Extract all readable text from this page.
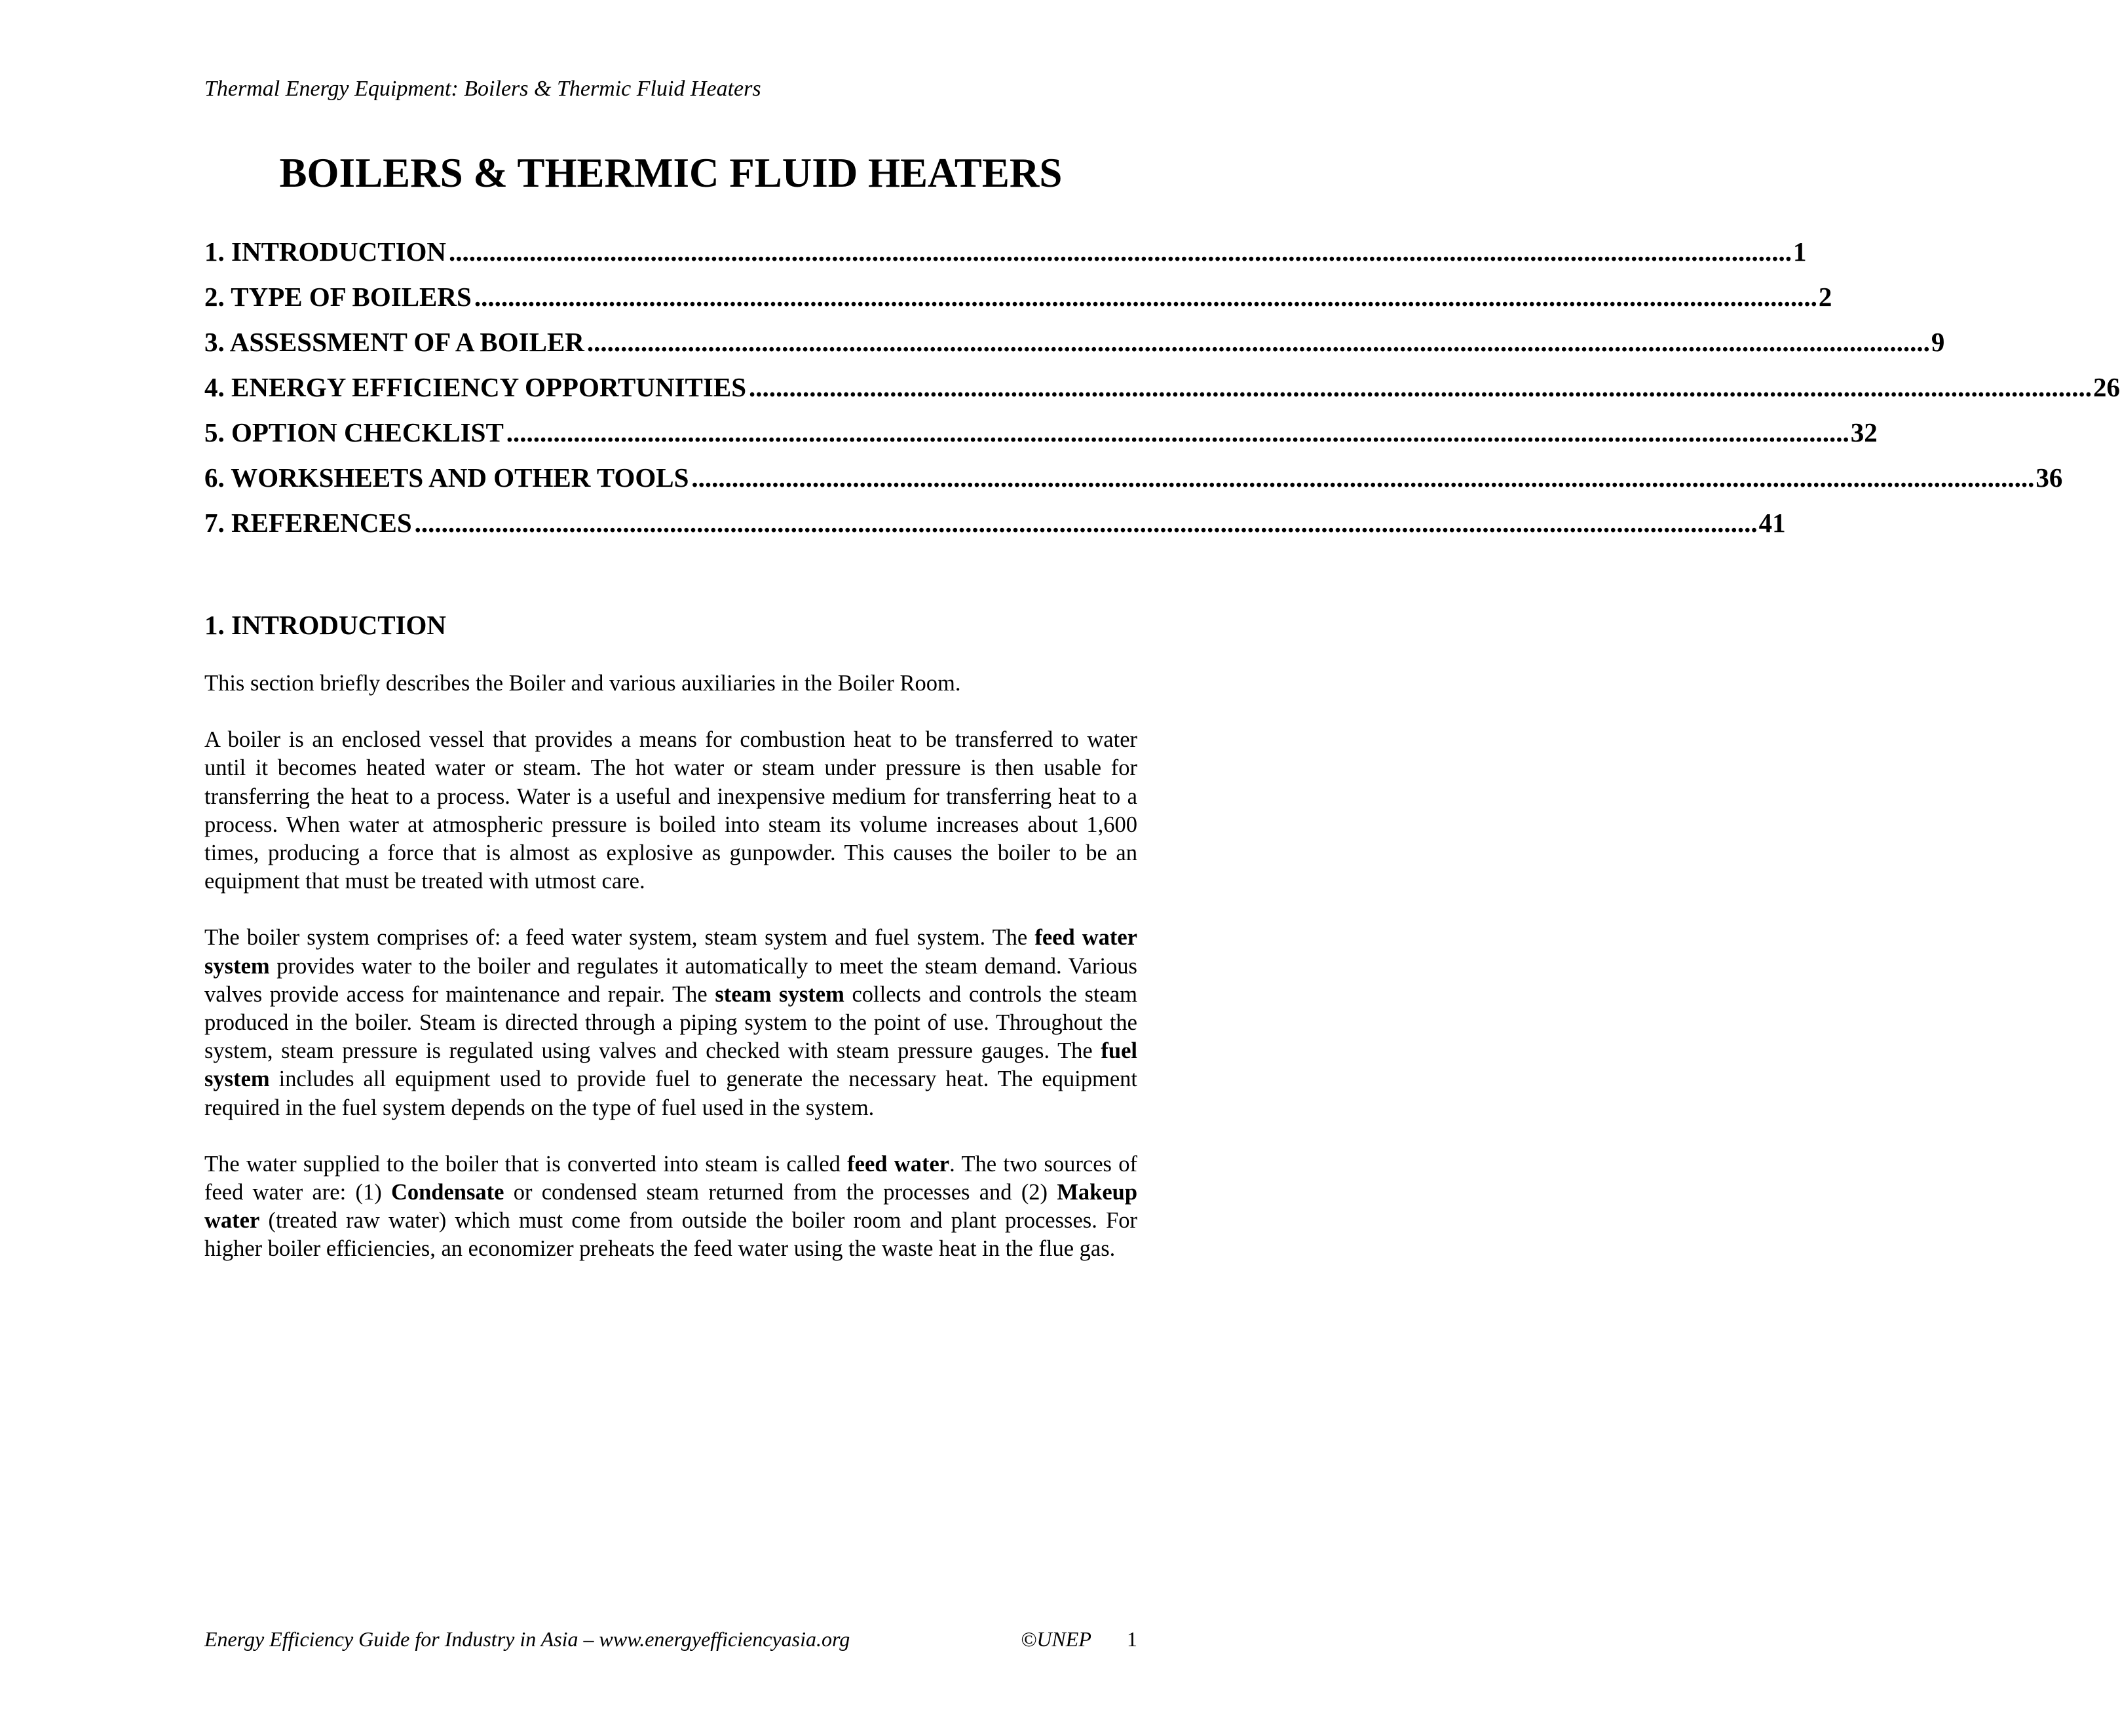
Thermal Energy Equipment: Boilers & Thermic Fluid Heaters
BOILERS & THERMIC FLUID HEATERS
1. INTRODUCTION ........................................................................................................................................................................................................ 1
2. TYPE OF BOILERS ........................................................................................................................................................................................................ 2
3. ASSESSMENT OF A BOILER ........................................................................................................................................................................................................ 9
4. ENERGY EFFICIENCY OPPORTUNITIES ........................................................................................................................................................................................................ 26
5. OPTION CHECKLIST ........................................................................................................................................................................................................ 32
6. WORKSHEETS AND OTHER TOOLS ........................................................................................................................................................................................................ 36
7. REFERENCES ........................................................................................................................................................................................................ 41
1. INTRODUCTION

This section briefly describes the Boiler and various auxiliaries in the Boiler Room.

A boiler is an enclosed vessel that provides a means for combustion heat to be transferred to water until it becomes heated water or steam. The hot water or steam under pressure is then usable for transferring the heat to a process. Water is a useful and inexpensive medium for transferring heat to a process. When water at atmospheric pressure is boiled into steam its volume increases about 1,600 times, producing a force that is almost as explosive as gunpowder. This causes the boiler to be an equipment that must be treated with utmost care.

The boiler system comprises of: a feed water system, steam system and fuel system. The feed water system provides water to the boiler and regulates it automatically to meet the steam demand. Various valves provide access for maintenance and repair. The steam system collects and controls the steam produced in the boiler. Steam is directed through a piping system to the point of use. Throughout the system, steam pressure is regulated using valves and checked with steam pressure gauges. The fuel system includes all equipment used to provide fuel to generate the necessary heat. The equipment required in the fuel system depends on the type of fuel used in the system.

The water supplied to the boiler that is converted into steam is called feed water. The two sources of feed water are: (1) Condensate or condensed steam returned from the processes and (2) Makeup water (treated raw water) which must come from outside the boiler room and plant processes. For higher boiler efficiencies, an economizer preheats the feed water using the waste heat in the flue gas.

Energy Efficiency Guide for Industry in Asia – www.energyefficiencyasia.org	©UNEP 1
